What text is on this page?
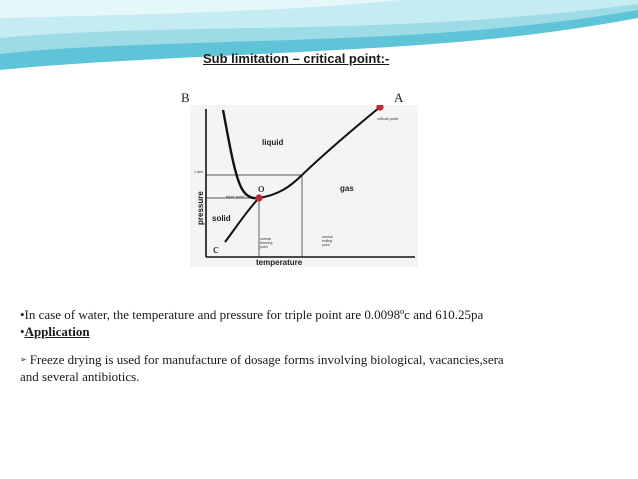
Sub limitation – critical point:-
B	A
liquid
solid
gas
critical point
triple point
1 atm
temperature
pressure
normal
freezing
point
normal
boiling
point
o
c

•In case of water, the temperature and pressure for triple point are 0.0098ºc and 610.25pa

•Application

➢ Freeze drying is used for manufacture of dosage forms involving biological, vacancies,sera

and several antibiotics.
